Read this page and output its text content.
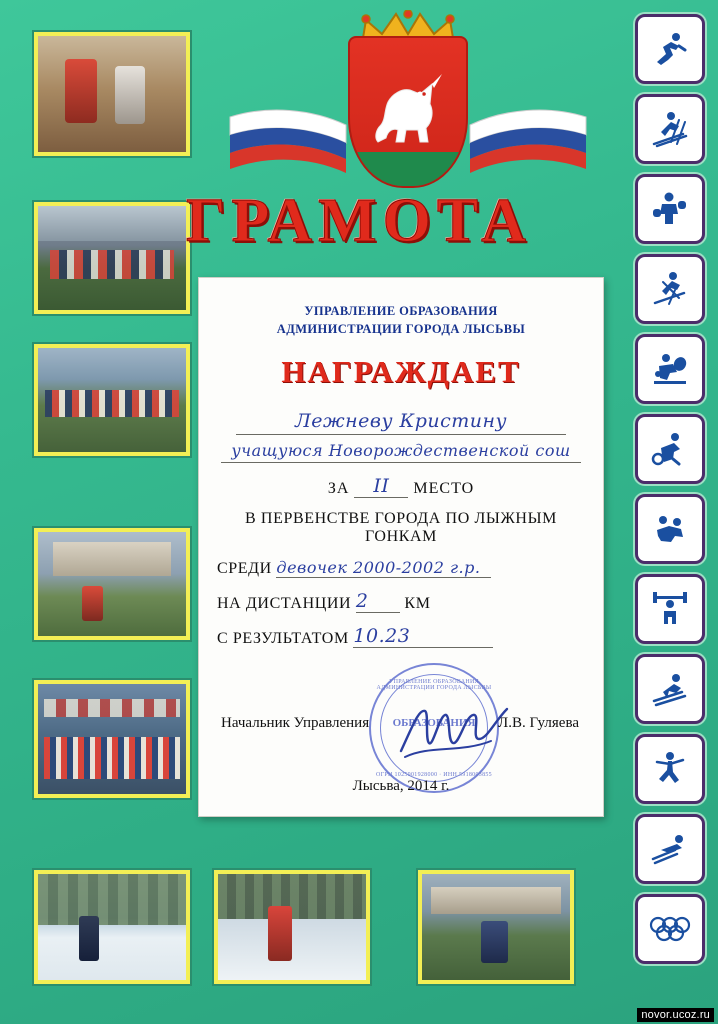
ГРАМОТА
УПРАВЛЕНИЕ ОБРАЗОВАНИЯ
АДМИНИСТРАЦИИ ГОРОДА ЛЫСЬВЫ
НАГРАЖДАЕТ
Лежневу Кристину
учащуюся Новорождественской сош
ЗА II МЕСТО
В ПЕРВЕНСТВЕ ГОРОДА ПО ЛЫЖНЫМ ГОНКАМ
СРЕДИ девочек 2000-2002 г.р.
НА ДИСТАНЦИИ 2 КМ
С РЕЗУЛЬТАТОМ 10.23
Начальник Управления
УПРАВЛЕНИЕ ОБРАЗОВАНИЯ АДМИНИСТРАЦИИ ГОРОДА ЛЫСЬВЫ
ОБРАЗОВАНИЯ
ОГРН 1025901928000 · ИНН 5918003855
Л.В. Гуляева
Лысьва, 2014 г.
novor.ucoz.ru
